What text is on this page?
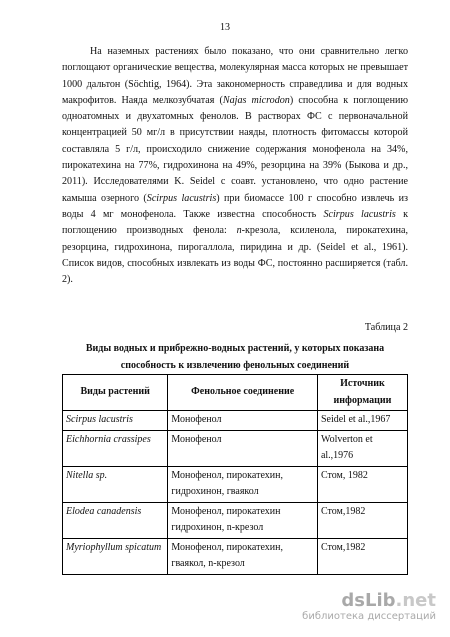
13

На наземных растениях было показано, что они сравнительно легко поглощают органические вещества, молекулярная масса которых не превышает 1000 дальтон (Söchtig, 1964). Эта закономерность справедлива и для водных макрофитов. Наяда мелкозубчатая (Najas microdon) способна к поглощению одноатомных и двухатомных фенолов. В растворах ФС с первоначальной концентрацией 50 мг/л в присутствии наяды, плотность фитомассы которой составляла 5 г/л, происходило снижение содержания монофенола на 34%, пирокатехина на 77%, гидрохинона на 49%, резорцина на 39% (Быкова и др., 2011). Исследователями K. Seidel с соавт. установлено, что одно растение камыша озерного (Scirpus lacustris) при биомассе 100 г способно извлечь из воды 4 мг монофенола. Также известна способность Scirpus lacustris к поглощению производных фенола: n-крезола, ксиленола, пирокатехина, резорцина, гидрохинона, пирогаллола, пиридина и др. (Seidel et al., 1961). Список видов, способных извлекать из воды ФС, постоянно расширяется (табл. 2).

Таблица 2
Виды водных и прибрежно-водных растений, у которых показана
способность к извлечению фенольных соединений
Виды растений	Фенольное соединение	Источник информации
Scirpus lacustris	Монофенол	Seidel et al.,1967
Eichhornia crassipes	Монофенол	Wolverton et al.,1976
Nitella sp.	Монофенол, пирокатехин, гидрохинон, гваякол	Стом, 1982
Elodea canadensis	Монофенол, пирокатехин гидрохинон, n-крезол	Стом,1982
Myriophyllum spicatum	Монофенол, пирокатехин, гваякол, n-крезол	Стом,1982
dsLib.net
библиотека диссертаций
